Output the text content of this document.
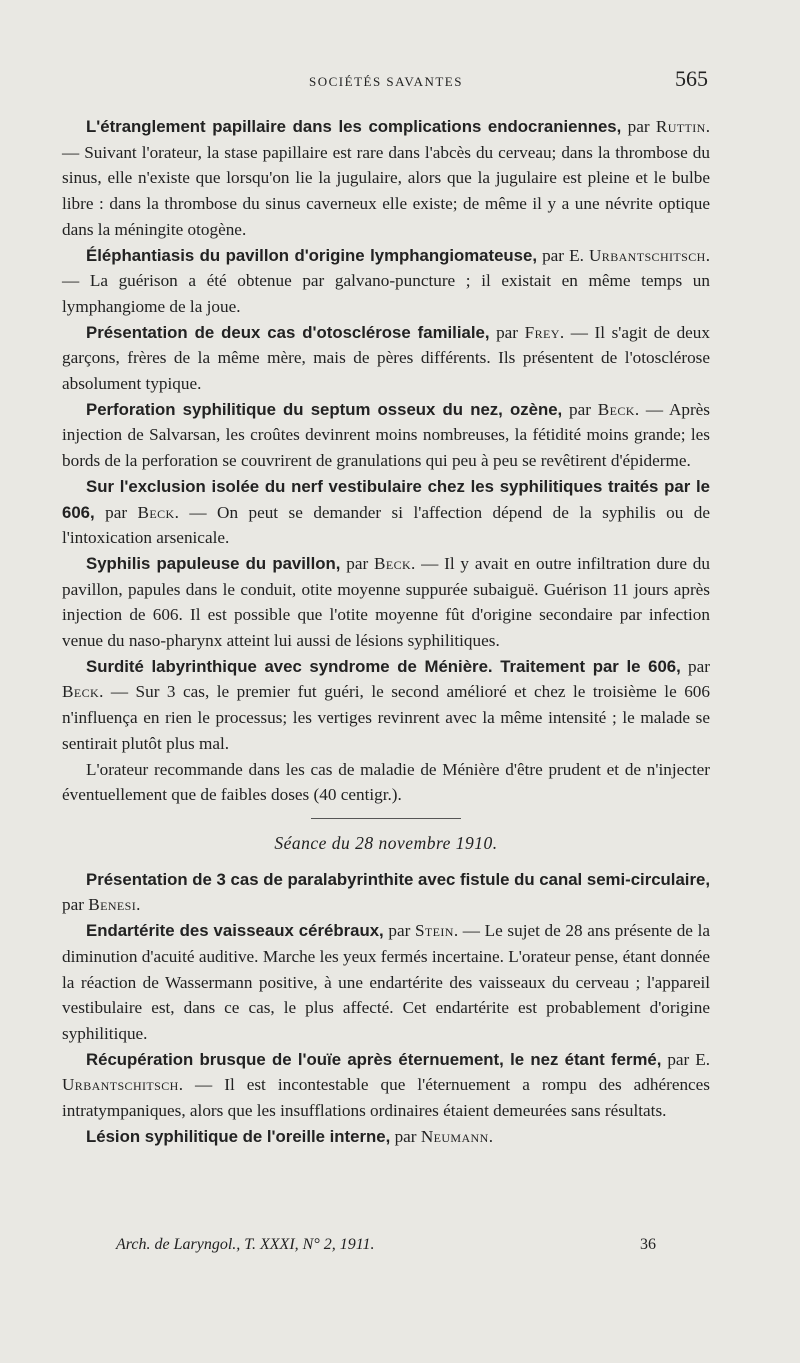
SOCIÉTÉS SAVANTES	565

L'étranglement papillaire dans les complications endocraniennes, par Ruttin. — Suivant l'orateur, la stase papillaire est rare dans l'abcès du cerveau; dans la thrombose du sinus, elle n'existe que lorsqu'on lie la jugulaire, alors que la jugulaire est pleine et le bulbe libre : dans la thrombose du sinus caverneux elle existe; de même il y a une névrite optique dans la méningite otogène.

Éléphantiasis du pavillon d'origine lymphangiomateuse, par E. Urbantschitsch. — La guérison a été obtenue par galvano-puncture ; il existait en même temps un lymphangiome de la joue.

Présentation de deux cas d'otosclérose familiale, par Frey. — Il s'agit de deux garçons, frères de la même mère, mais de pères différents. Ils présentent de l'otosclérose absolument typique.

Perforation syphilitique du septum osseux du nez, ozène, par Beck. — Après injection de Salvarsan, les croûtes devinrent moins nombreuses, la fétidité moins grande; les bords de la perforation se couvrirent de granulations qui peu à peu se revêtirent d'épiderme.

Sur l'exclusion isolée du nerf vestibulaire chez les syphilitiques traités par le 606, par Beck. — On peut se demander si l'affection dépend de la syphilis ou de l'intoxication arsenicale.

Syphilis papuleuse du pavillon, par Beck. — Il y avait en outre infiltration dure du pavillon, papules dans le conduit, otite moyenne suppurée subaiguë. Guérison 11 jours après injection de 606. Il est possible que l'otite moyenne fût d'origine secondaire par infection venue du naso-pharynx atteint lui aussi de lésions syphilitiques.

Surdité labyrinthique avec syndrome de Ménière. Traitement par le 606, par Beck. — Sur 3 cas, le premier fut guéri, le second amélioré et chez le troisième le 606 n'influença en rien le processus; les vertiges revinrent avec la même intensité ; le malade se sentirait plutôt plus mal.

L'orateur recommande dans les cas de maladie de Ménière d'être prudent et de n'injecter éventuellement que de faibles doses (40 centigr.).

Séance du 28 novembre 1910.

Présentation de 3 cas de paralabyrinthite avec fistule du canal semi-circulaire, par Benesi.

Endartérite des vaisseaux cérébraux, par Stein. — Le sujet de 28 ans présente de la diminution d'acuité auditive. Marche les yeux fermés incertaine. L'orateur pense, étant donnée la réaction de Wassermann positive, à une endartérite des vaisseaux du cerveau ; l'appareil vestibulaire est, dans ce cas, le plus affecté. Cet endartérite est probablement d'origine syphilitique.

Récupération brusque de l'ouïe après éternuement, le nez étant fermé, par E. Urbantschitsch. — Il est incontestable que l'éternuement a rompu des adhérences intratympaniques, alors que les insufflations ordinaires étaient demeurées sans résultats.

Lésion syphilitique de l'oreille interne, par Neumann.

Arch. de Laryngol., T. XXXI, N° 2, 1911.	36
